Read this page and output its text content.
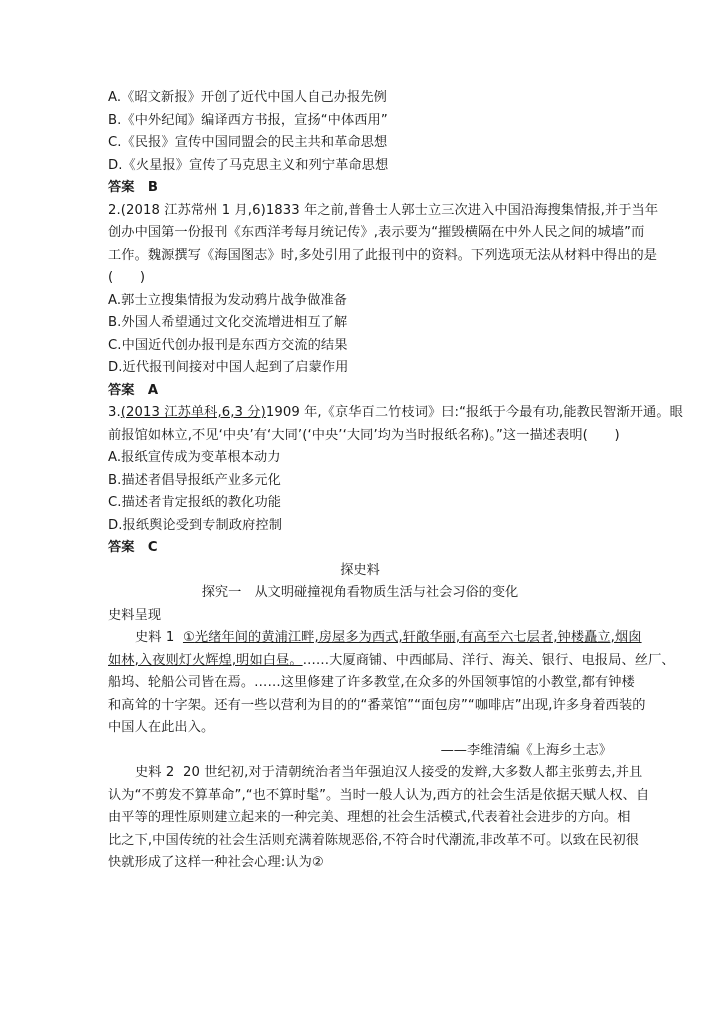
A.《昭文新报》开创了近代中国人自己办报先例
B.《中外纪闻》编译西方书报，宣扬“中体西用”
C.《民报》宣传中国同盟会的民主共和革命思想
D.《火星报》宣传了马克思主义和列宁革命思想
答案　B
2.(2018 江苏常州 1 月,6)1833 年之前,普鲁士人郭士立三次进入中国沿海搜集情报,并于当年
创办中国第一份报刊《东西洋考每月统记传》,表示要为“摧毁横隔在中外人民之间的城墙”而
工作。魏源撰写《海国图志》时,多处引用了此报刊中的资料。下列选项无法从材料中得出的是
(　　)
A.郭士立搜集情报为发动鸦片战争做准备
B.外国人希望通过文化交流增进相互了解
C.中国近代创办报刊是东西方交流的结果
D.近代报刊间接对中国人起到了启蒙作用
答案　A
3.(2013 江苏单科,6,3 分)1909 年,《京华百二竹枝词》曰:“报纸于今最有功,能教民智渐开通。眼
前报馆如林立,不见‘中央’有‘大同’(‘中央’‘大同’均为当时报纸名称)。”这一描述表明(　　)
A.报纸宣传成为变革根本动力
B.描述者倡导报纸产业多元化
C.描述者肯定报纸的教化功能
D.报纸舆论受到专制政府控制
答案　C
探史料
探究一　从文明碰撞视角看物质生活与社会习俗的变化
史料呈现
史料 1 ①光绪年间的黄浦江畔,房屋多为西式,轩敞华丽,有高至六七层者,钟楼矗立,烟囱
如林,入夜则灯火辉煌,明如白昼。……大厦商铺、中西邮局、洋行、海关、银行、电报局、丝厂、
船坞、轮船公司皆在焉。……这里修建了许多教堂,在众多的外国领事馆的小教堂,都有钟楼
和高耸的十字架。还有一些以营利为目的的“番菜馆”“面包房”“咖啡店”出现,许多身着西装的
中国人在此出入。
——李维清编《上海乡土志》
史料 2 20 世纪初,对于清朝统治者当年强迫汉人接受的发辫,大多数人都主张剪去,并且
认为“不剪发不算革命”,“也不算时髦”。当时一般人认为,西方的社会生活是依据天赋人权、自
由平等的理性原则建立起来的一种完美、理想的社会生活模式,代表着社会进步的方向。相
比之下,中国传统的社会生活则充满着陈规恶俗,不符合时代潮流,非改革不可。以致在民初很
快就形成了这样一种社会心理:认为②
